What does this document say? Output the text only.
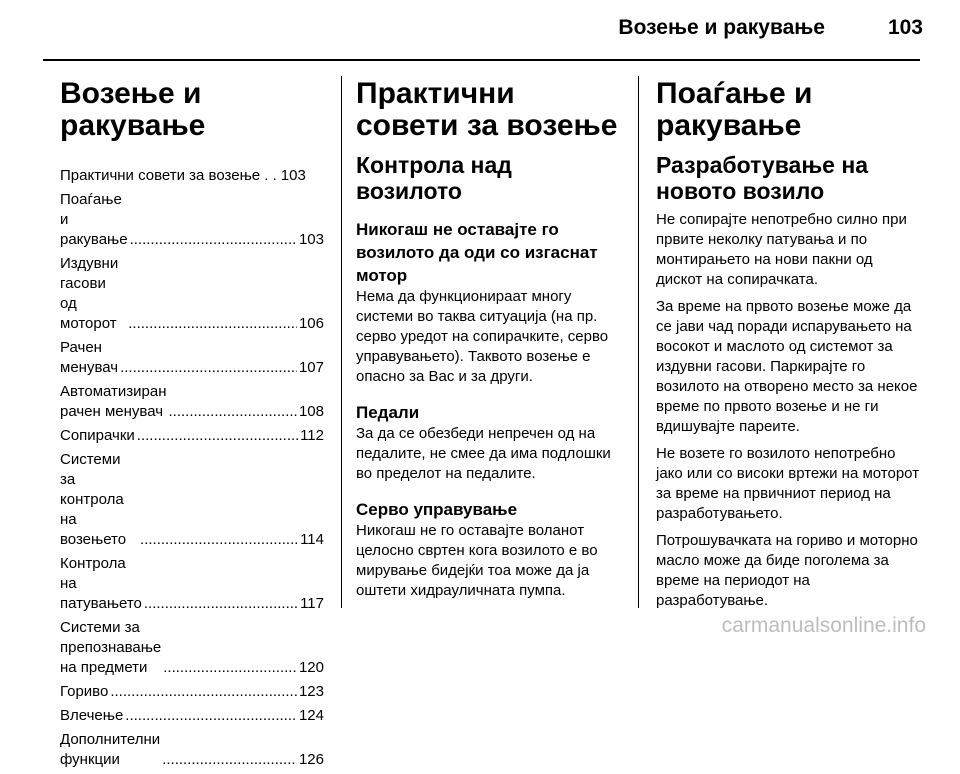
Возење и ракување	103
Возење и ракување
Практични совети за возење . . 103
Поаѓање и ракување .....	103
Издувни гасови од моторот .....	106
Рачен менувач .....	107
Автоматизиран рачен менувач .....	108
Сопирачки .....	112
Системи за контрола на возењето .....	114
Контрола на патувањето .....	117
Системи за препознавање на предмети .....	120
Гориво .....	123
Влечење .....	124
Дополнителни функции .....	126
Практични совети за возење
Контрола над возилото
Никогаш не оставајте го возилото да оди со изгаснат мотор
Нема да функционираат многу системи во таква ситуација (на пр. серво уредот на сопирачките, серво управувањето). Таквото возење е опасно за Вас и за други.
Педали
За да се обезбеди непречен од на педалите, не смее да има подлошки во пределот на педалите.
Серво управување
Никогаш не го оставајте воланот целосно свртен кога возилото е во мирување бидејќи тоа може да ја оштети хидрауличната пумпа.
Поаѓање и ракување
Разработување на новото возило
Не сопирајте непотребно силно при првите неколку патувања и по монтирањето на нови пакни од дискот на сопирачката.
За време на првото возење може да се јави чад поради испарувањето на восокот и маслото од системот за издувни гасови. Паркирајте го возилото на отворено место за некое време по првото возење и не ги вдишувајте пареите.
Не возете го возилото непотребно јако или со високи вртежи на моторот за време на првичниот период на разработувањето.
Потрошувачката на гориво и моторно масло може да биде поголема за време на периодот на разработување.
carmanualsonline.info
